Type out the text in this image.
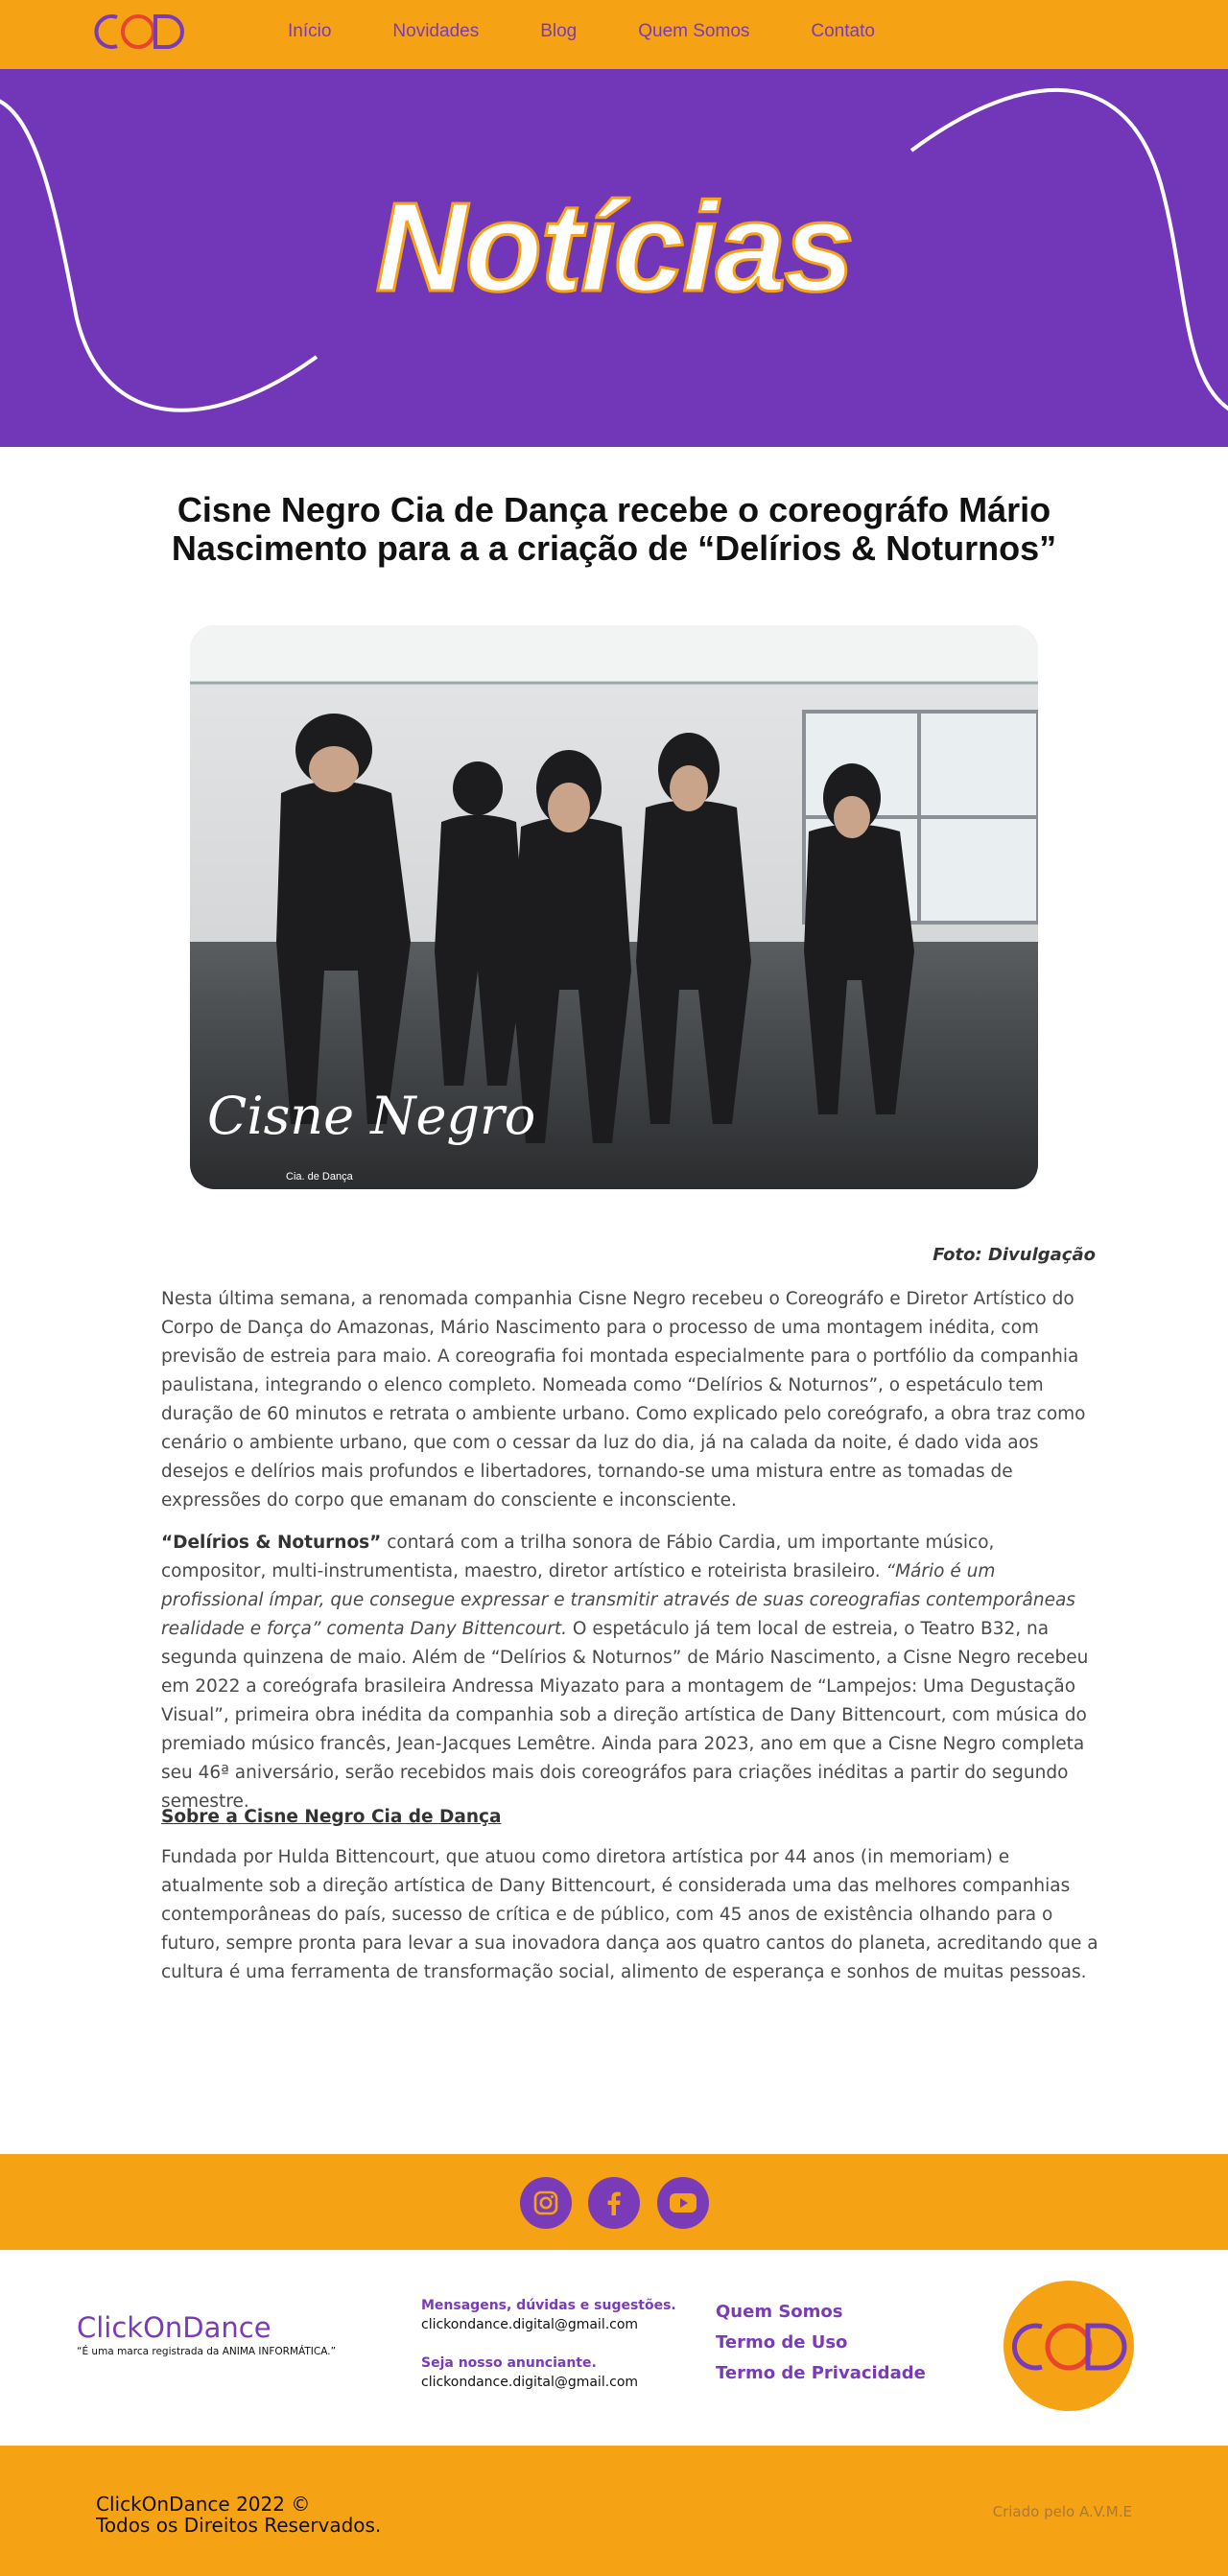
Início	Novidades	Blog	Quem Somos	Contato
Notícias
Cisne Negro Cia de Dança recebe o coreográfo Mário Nascimento para a a criação de “Delírios & Noturnos”
Cisne Negro
Cia. de Dança
Foto: Divulgação

Nesta última semana, a renomada companhia Cisne Negro recebeu o Coreográfo e Diretor Artístico do Corpo de Dança do Amazonas, Mário Nascimento para o processo de uma montagem inédita, com previsão de estreia para maio. A coreografia foi montada especialmente para o portfólio da companhia paulistana, integrando o elenco completo. Nomeada como “Delírios & Noturnos”, o espetáculo tem duração de 60 minutos e retrata o ambiente urbano. Como explicado pelo coreógrafo, a obra traz como cenário o ambiente urbano, que com o cessar da luz do dia, já na calada da noite, é dado vida aos desejos e delírios mais profundos e libertadores, tornando-se uma mistura entre as tomadas de expressões do corpo que emanam do consciente e inconsciente.

“Delírios & Noturnos” contará com a trilha sonora de Fábio Cardia, um importante músico, compositor, multi-instrumentista, maestro, diretor artístico e roteirista brasileiro. “Mário é um profissional ímpar, que consegue expressar e transmitir através de suas coreografias contemporâneas realidade e força” comenta Dany Bittencourt. O espetáculo já tem local de estreia, o Teatro B32, na segunda quinzena de maio. Além de “Delírios & Noturnos” de Mário Nascimento, a Cisne Negro recebeu em 2022 a coreógrafa brasileira Andressa Miyazato para a montagem de “Lampejos: Uma Degustação Visual”, primeira obra inédita da companhia sob a direção artística de Dany Bittencourt, com música do premiado músico francês, Jean-Jacques Lemêtre. Ainda para 2023, ano em que a Cisne Negro completa seu 46ª aniversário, serão recebidos mais dois coreográfos para criações inéditas a partir do segundo semestre.

Sobre a Cisne Negro Cia de Dança

Fundada por Hulda Bittencourt, que atuou como diretora artística por 44 anos (in memoriam) e atualmente sob a direção artística de Dany Bittencourt, é considerada uma das melhores companhias contemporâneas do país, sucesso de crítica e de público, com 45 anos de existência olhando para o futuro, sempre pronta para levar a sua inovadora dança aos quatro cantos do planeta, acreditando que a cultura é uma ferramenta de transformação social, alimento de esperança e sonhos de muitas pessoas.

ClickOnDance
“É uma marca registrada da ANIMA INFORMÁTICA.”
Mensagens, dúvidas e sugestões.
clickondance.digital@gmail.com
Seja nosso anunciante.
clickondance.digital@gmail.com
Quem Somos
Termo de Uso
Termo de Privacidade
ClickOnDance 2022 ©
Todos os Direitos Reservados.
Criado pelo A.V.M.E
